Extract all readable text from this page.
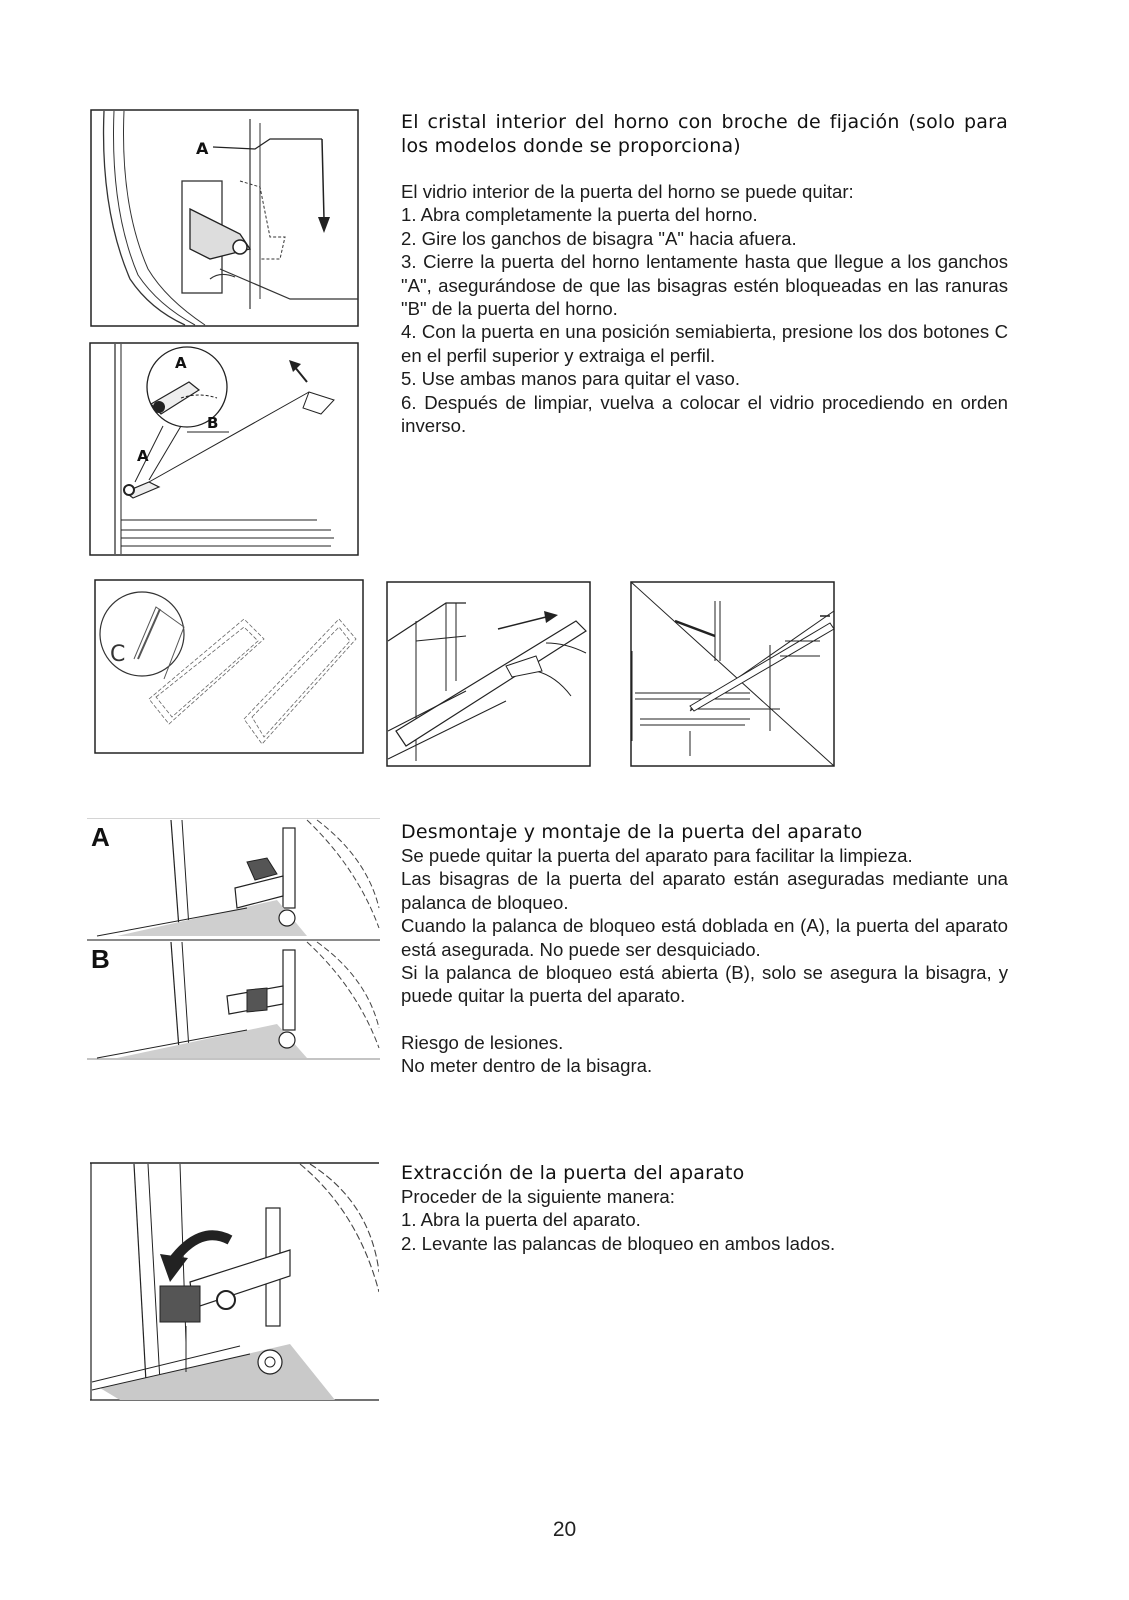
A
A
B
A
El cristal interior del horno con broche de fijación (solo para los modelos donde se proporciona)

El vidrio interior de la puerta del horno se puede quitar:

1. Abra completamente la puerta del horno.

2. Gire los ganchos de bisagra "A" hacia afuera.

3. Cierre la puerta del horno lentamente hasta que llegue a los ganchos "A", asegurándose de que las bisagras estén bloqueadas en las ranuras "B" de la puerta del horno.

4. Con la puerta en una posición semiabierta, presione los dos botones C en el perfil superior y extraiga el perfil.

5. Use ambas manos para quitar el vaso.

6. Después de limpiar, vuelva a colocar el vidrio procediendo en orden inverso.

C
A
B
Desmontaje y montaje de la puerta del aparato

Se puede quitar la puerta del aparato para facilitar la limpieza.

Las bisagras de la puerta del aparato están aseguradas mediante una palanca de bloqueo.

Cuando la palanca de bloqueo está doblada en (A), la puerta del aparato está asegurada. No puede ser desquiciado.

Si la palanca de bloqueo está abierta (B), solo se asegura la bisagra, y puede quitar la puerta del aparato.

Riesgo de lesiones.

No meter dentro de la bisagra.

Extracción de la puerta del aparato

Proceder de la siguiente manera:

1. Abra la puerta del aparato.

2. Levante las palancas de bloqueo en ambos lados.

20
